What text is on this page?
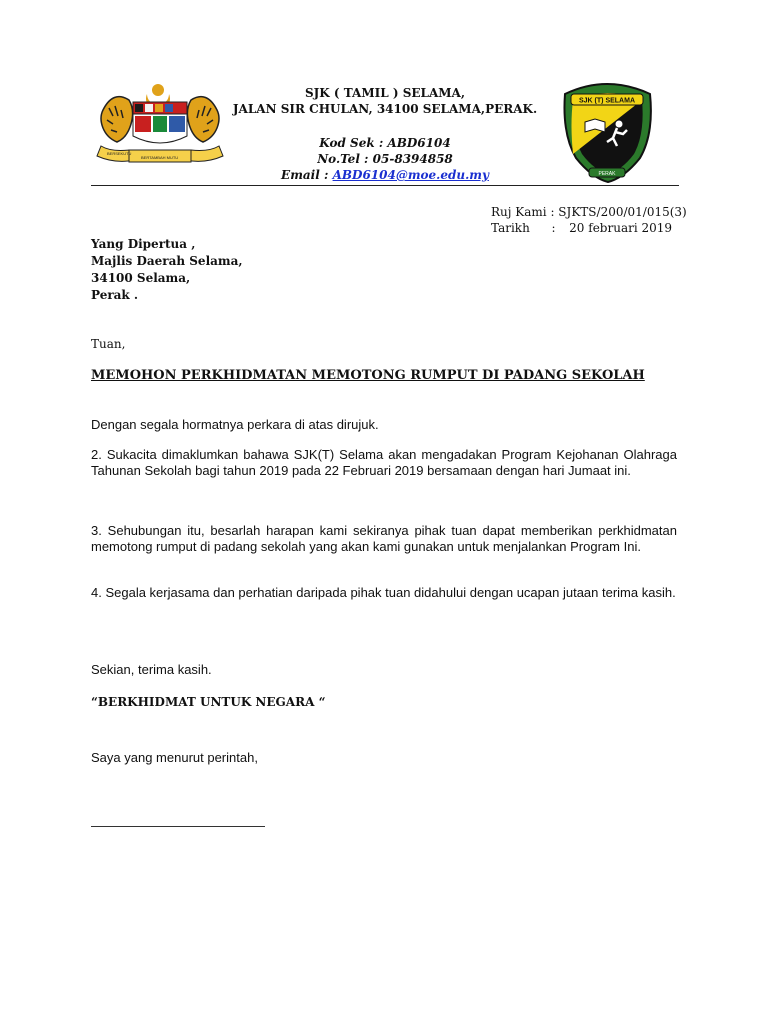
BERSEKUTU
BERTAMBAH MUTU
SJK ( TAMIL ) SELAMA,
JALAN SIR CHULAN, 34100 SELAMA,PERAK.
Kod Sek : ABD6104
No.Tel : 05-8394858
Email : ABD6104@moe.edu.my
SJK (T) SELAMA
PERAK
Ruj Kami : SJKTS/200/01/015(3)
Tarikh : 20 februari 2019
Yang Dipertua ,
Majlis Daerah Selama,
34100 Selama,
Perak .
Tuan,
MEMOHON PERKHIDMATAN MEMOTONG RUMPUT DI PADANG SEKOLAH
Dengan segala hormatnya perkara di atas dirujuk.
2. Sukacita dimaklumkan bahawa SJK(T) Selama akan mengadakan Program Kejohanan Olahraga Tahunan Sekolah bagi tahun 2019 pada 22 Februari 2019 bersamaan dengan hari Jumaat ini.
3. Sehubungan itu, besarlah harapan kami sekiranya pihak tuan dapat memberikan perkhidmatan memotong rumput di padang sekolah yang akan kami gunakan untuk menjalankan Program Ini.
4. Segala kerjasama dan perhatian daripada pihak tuan didahului dengan ucapan jutaan terima kasih.
Sekian, terima kasih.
“BERKHIDMAT UNTUK NEGARA “
Saya yang menurut perintah,
